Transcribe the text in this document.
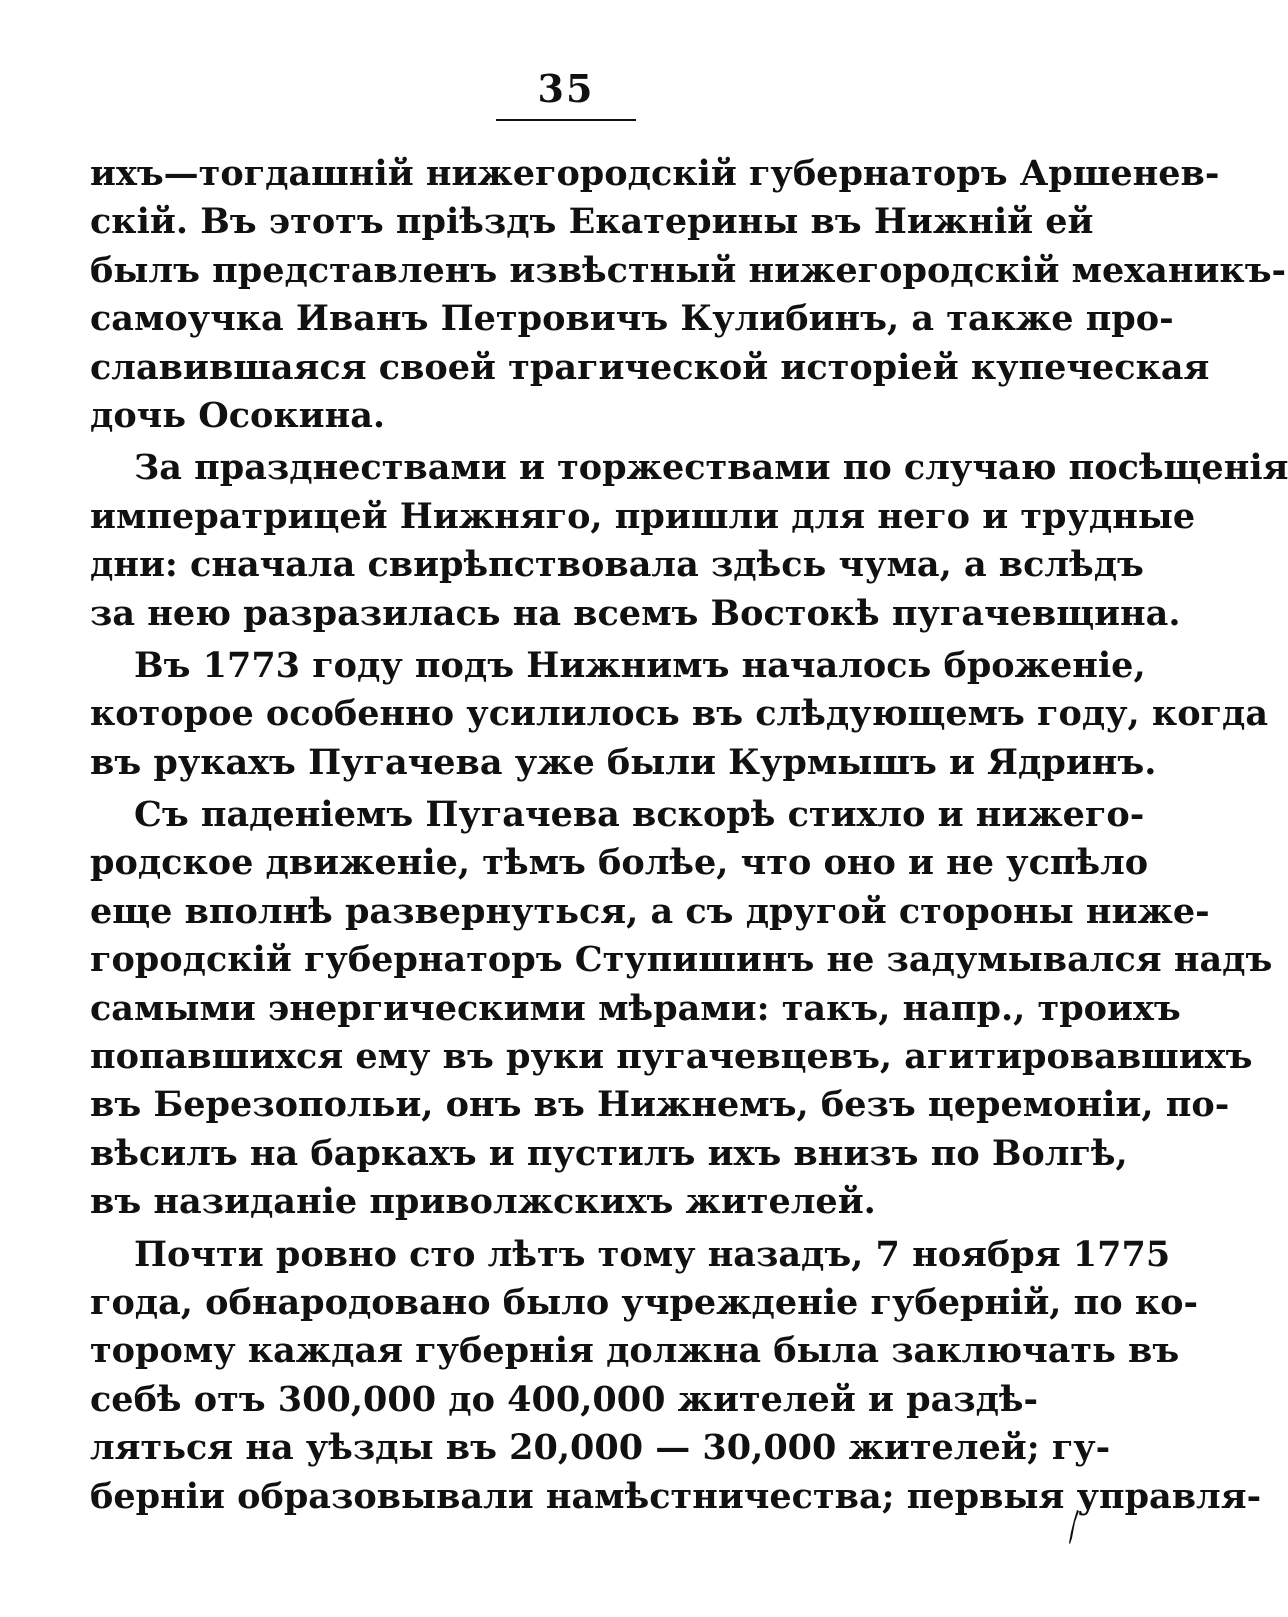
35
ихъ—тогдашній нижегородскій губернаторъ Аршенев-
скій. Въ этотъ пріѣздъ Екатерины въ Нижній ей
былъ представленъ извѣстный нижегородскій механикъ-
самоучка Иванъ Петровичъ Кулибинъ, а также про-
славившаяся своей трагической исторіей купеческая
дочь Осокина.
За празднествами и торжествами по случаю посѣщенія
императрицей Нижняго, пришли для него и трудные
дни: сначала свирѣпствовала здѣсь чума, а вслѣдъ
за нею разразилась на всемъ Востокѣ пугачевщина.
Въ 1773 году подъ Нижнимъ началось броженіе,
которое особенно усилилось въ слѣдующемъ году, когда
въ рукахъ Пугачева уже были Курмышъ и Ядринъ.
Съ паденіемъ Пугачева вскорѣ стихло и нижего-
родское движеніе, тѣмъ болѣе, что оно и не успѣло
еще вполнѣ развернуться, а съ другой стороны нижe-
городскій губернаторъ Ступишинъ не задумывался надъ
самыми энергическими мѣрами: такъ, напр., троихъ
попавшихся ему въ руки пугачевцевъ, агитировавшихъ
въ Березопольи, онъ въ Нижнемъ, безъ церемоніи, по-
вѣсилъ на баркахъ и пустилъ ихъ внизъ по Волгѣ,
въ назиданіе приволжскихъ жителей.
Почти ровно сто лѣтъ тому назадъ, 7 ноября 1775
года, обнародовано было учрежденіе губерній, по ко-
торому каждая губернія должна была заключать въ
себѣ отъ 300,000 до 400,000 жителей и раздѣ-
ляться на уѣзды въ 20,000 — 30,000 жителей; гу-
берніи образовывали намѣстничества; первыя управля-
